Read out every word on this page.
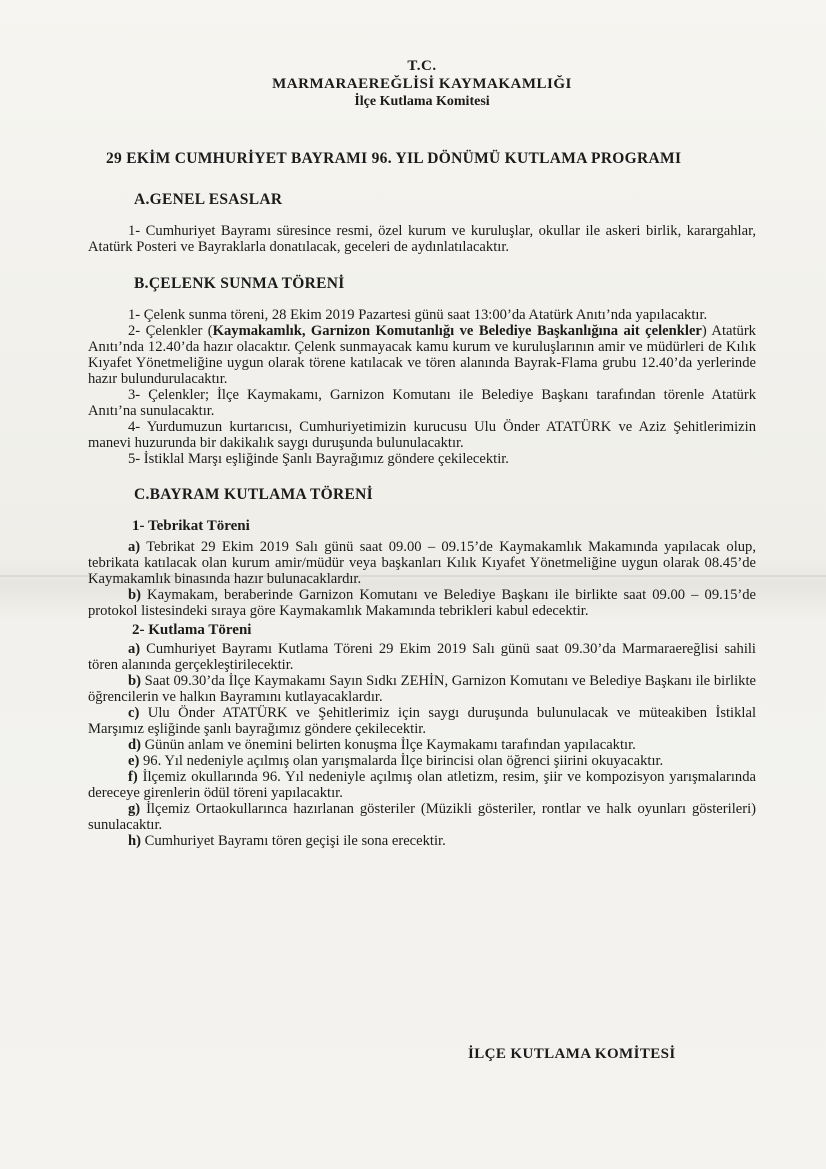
T.C.
MARMARAEREĞLİSİ KAYMAKAMLIĞI
İlçe Kutlama Komitesi
29 EKİM CUMHURİYET BAYRAMI 96. YIL DÖNÜMÜ KUTLAMA PROGRAMI
A.GENEL ESASLAR

1- Cumhuriyet Bayramı süresince resmi, özel kurum ve kuruluşlar, okullar ile askeri birlik, karargahlar, Atatürk Posteri ve Bayraklarla donatılacak, geceleri de aydınlatılacaktır.

B.ÇELENK SUNMA TÖRENİ

1- Çelenk sunma töreni, 28 Ekim 2019 Pazartesi günü saat 13:00’da Atatürk Anıtı’nda yapılacaktır.

2- Çelenkler (Kaymakamlık, Garnizon Komutanlığı ve Belediye Başkanlığına ait çelenkler) Atatürk Anıtı’nda 12.40’da hazır olacaktır. Çelenk sunmayacak kamu kurum ve kuruluşlarının amir ve müdürleri de Kılık Kıyafet Yönetmeliğine uygun olarak törene katılacak ve tören alanında Bayrak-Flama grubu 12.40’da yerlerinde hazır bulundurulacaktır.

3- Çelenkler; İlçe Kaymakamı, Garnizon Komutanı ile Belediye Başkanı tarafından törenle Atatürk Anıtı’na sunulacaktır.

4- Yurdumuzun kurtarıcısı, Cumhuriyetimizin kurucusu Ulu Önder ATATÜRK ve Aziz Şehitlerimizin manevi huzurunda bir dakikalık saygı duruşunda bulunulacaktır.

5- İstiklal Marşı eşliğinde Şanlı Bayrağımız göndere çekilecektir.

C.BAYRAM KUTLAMA TÖRENİ
1- Tebrikat Töreni

a) Tebrikat 29 Ekim 2019 Salı günü saat 09.00 – 09.15’de Kaymakamlık Makamında yapılacak olup, tebrikata katılacak olan kurum amir/müdür veya başkanları Kılık Kıyafet Yönetmeliğine uygun olarak 08.45’de Kaymakamlık binasında hazır bulunacaklardır.

b) Kaymakam, beraberinde Garnizon Komutanı ve Belediye Başkanı ile birlikte saat 09.00 – 09.15’de protokol listesindeki sıraya göre Kaymakamlık Makamında tebrikleri kabul edecektir.

2- Kutlama Töreni

a) Cumhuriyet Bayramı Kutlama Töreni 29 Ekim 2019 Salı günü saat 09.30’da Marmaraereğlisi sahili tören alanında gerçekleştirilecektir.

b) Saat 09.30’da İlçe Kaymakamı Sayın Sıdkı ZEHİN, Garnizon Komutanı ve Belediye Başkanı ile birlikte öğrencilerin ve halkın Bayramını kutlayacaklardır.

c) Ulu Önder ATATÜRK ve Şehitlerimiz için saygı duruşunda bulunulacak ve müteakiben İstiklal Marşımız eşliğinde şanlı bayrağımız göndere çekilecektir.

d) Günün anlam ve önemini belirten konuşma İlçe Kaymakamı tarafından yapılacaktır.

e) 96. Yıl nedeniyle açılmış olan yarışmalarda İlçe birincisi olan öğrenci şiirini okuyacaktır.

f) İlçemiz okullarında 96. Yıl nedeniyle açılmış olan atletizm, resim, şiir ve kompozisyon yarışmalarında dereceye girenlerin ödül töreni yapılacaktır.

g) İlçemiz Ortaokullarınca hazırlanan gösteriler (Müzikli gösteriler, rontlar ve halk oyunları gösterileri) sunulacaktır.

h) Cumhuriyet Bayramı tören geçişi ile sona erecektir.

İLÇE KUTLAMA KOMİTESİ
